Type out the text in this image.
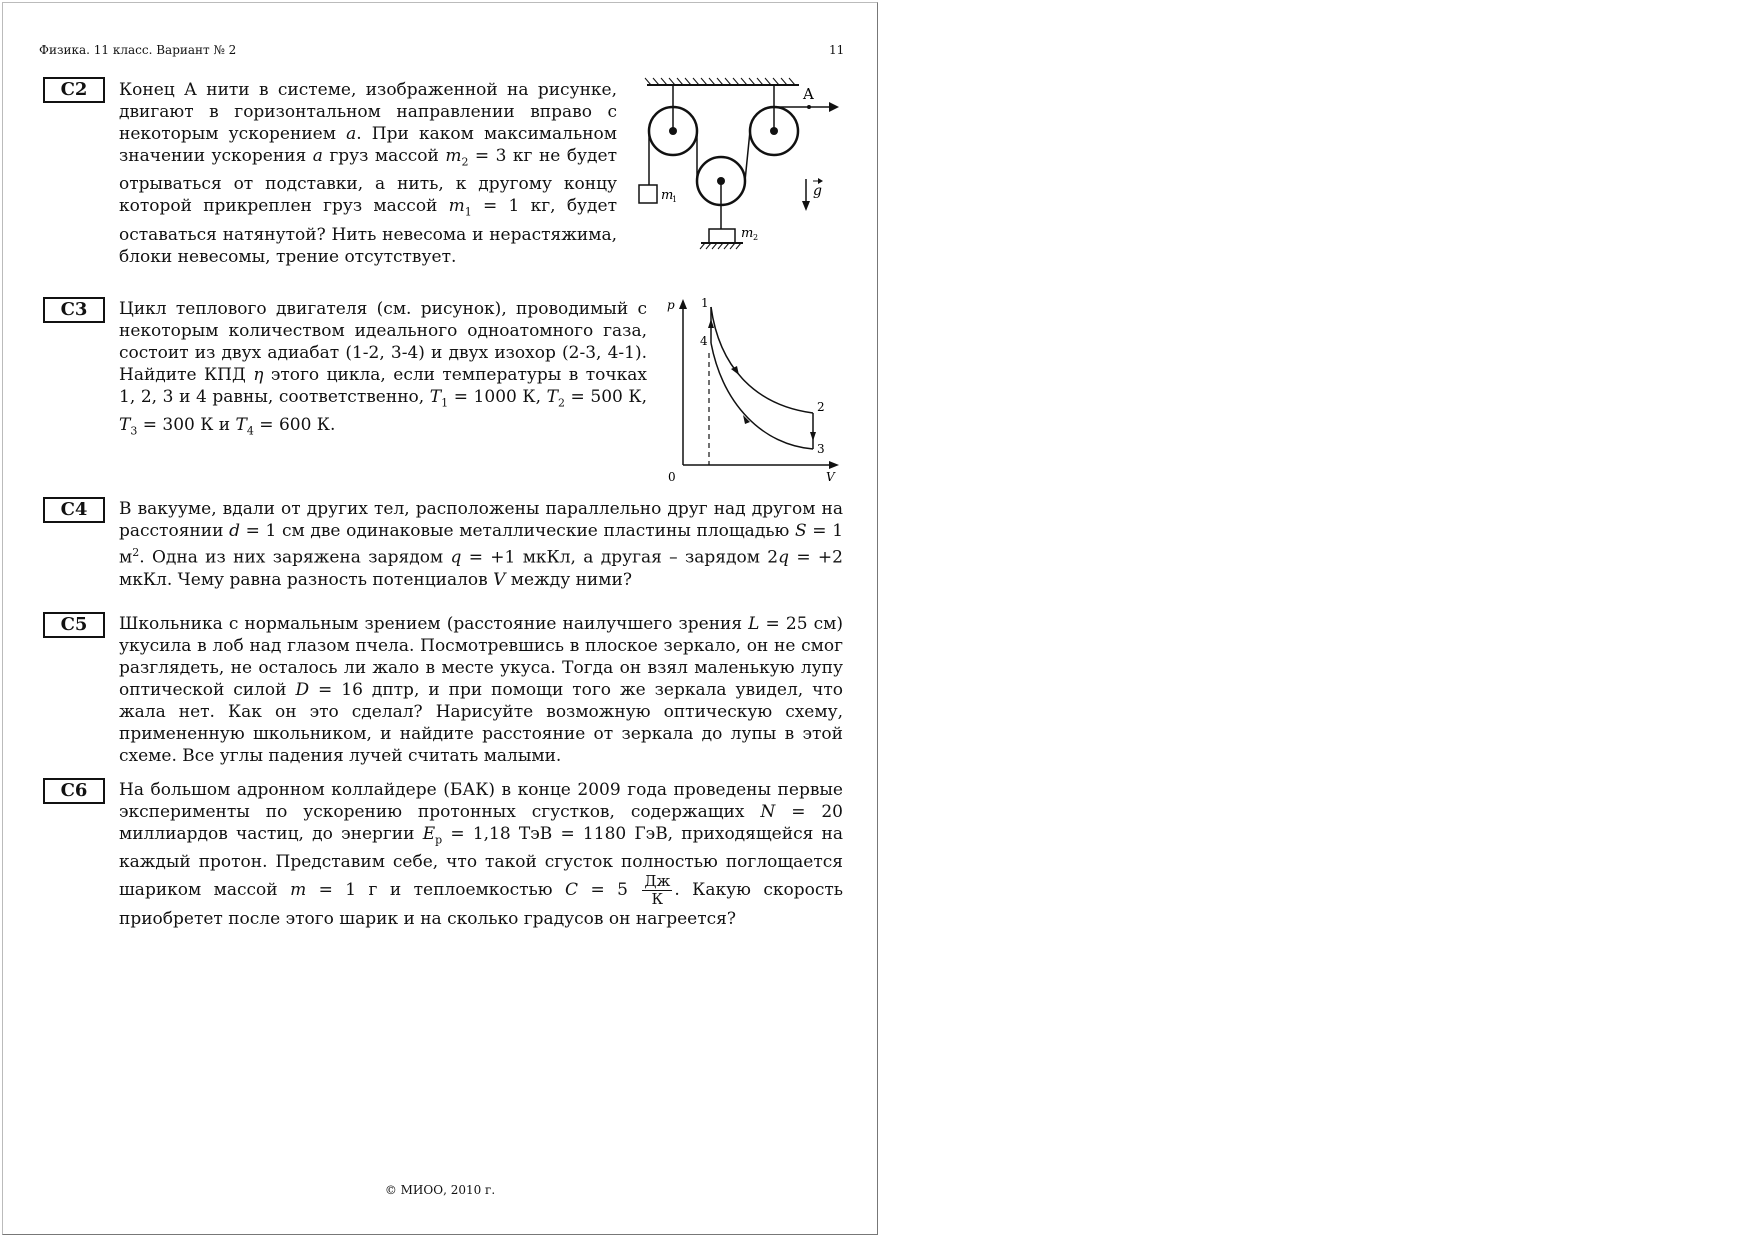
Физика. 11 класс. Вариант № 2	11
C2	Конец А нити в системе, изображенной на рисунке, двигают в горизонтальном направлении вправо с некоторым ускорением a. При каком максимальном значении ускорения a груз массой $m_2 = 3$ кг не будет отрываться от подставки, а нить, к другому концу которой прикреплен груз массой $m_1 = 1$ кг, будет оставаться натянутой? Нить невесома и нерастяжима, блоки невесомы, трение отсутствует.
m
1
A
m 2
g
C3	Цикл теплового двигателя (см. рисунок), проводимый с некоторым количеством идеального одноатомного газа, состоит из двух адиабат (1-2, 3-4) и двух изохор (2-3, 4-1). Найдите КПД η этого цикла, если температуры в точках 1, 2, 3 и 4 равны, соответственно, $T_1 = 1000$ К, $T_2 = 500$ К, $T_3 = 300$ К и $T_4 = 600$ К.
p
V
0
1
2
3
4
C4	В вакууме, вдали от других тел, расположены параллельно друг над другом на расстоянии d = 1 см две одинаковые металлические пластины площадью S = 1 $м^2$. Одна из них заряжена зарядом q = +1 мкКл, а другая – зарядом 2q = +2 мкКл. Чему равна разность потенциалов V между ними?
C5	Школьника с нормальным зрением (расстояние наилучшего зрения L = 25 см) укусила в лоб над глазом пчела. Посмотревшись в плоское зеркало, он не смог разглядеть, не осталось ли жало в месте укуса. Тогда он взял маленькую лупу оптической силой D = 16 дптр, и при помощи того же зеркала увидел, что жала нет. Как он это сделал? Нарисуйте возможную оптическую схему, примененную школьником, и найдите расстояние от зеркала до лупы в этой схеме. Все углы падения лучей считать малыми.
C6	На большом адронном коллайдере (БАК) в конце 2009 года проведены первые эксперименты по ускорению протонных сгустков, содержащих N = 20 миллиардов частиц, до энергии $E_p = 1,18$ ТэВ = 1180 ГэВ, приходящейся на каждый протон. Представим себе, что такой сгусток полностью поглощается шариком массой m = 1 г и теплоемкостью $C = 5 \frac{Дж}{К}$ . Какую скорость приобретет после этого шарик и на сколько градусов он нагреется?
© МИОО, 2010 г.
